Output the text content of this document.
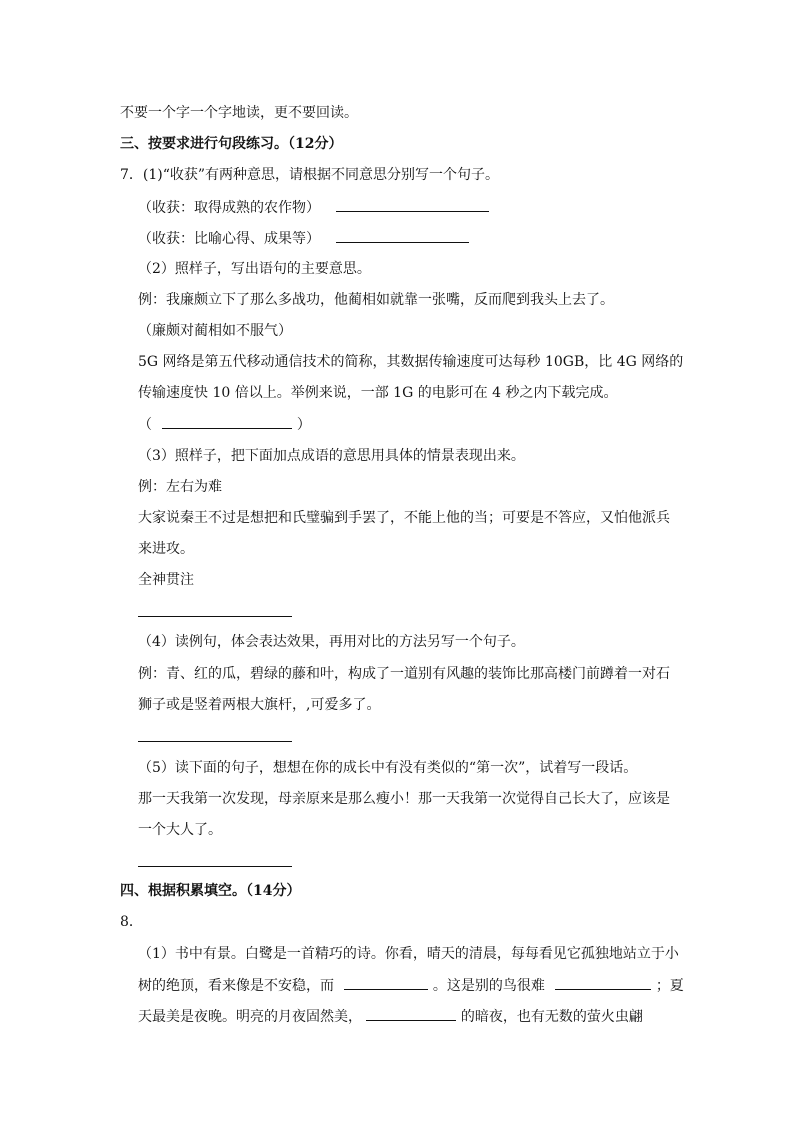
不要一个字一个字地读，更不要回读。
三、按要求进行句段练习。（12分）
7．(1)“收获”有两种意思，请根据不同意思分别写一个句子。
（收获：取得成熟的农作物）
（收获：比喻心得、成果等）
（2）照样子，写出语句的主要意思。
例：我廉颇立下了那么多战功，他蔺相如就靠一张嘴，反而爬到我头上去了。
（廉颇对蔺相如不服气）
5G 网络是第五代移动通信技术的简称，其数据传输速度可达每秒 10GB，比 4G 网络的
传输速度快 10 倍以上。举例来说，一部 1G 的电影可在 4 秒之内下载完成。
（	）
（3）照样子，把下面加点成语的意思用具体的情景表现出来。
例：左右为难
大家说秦王不过是想把和氏璧骗到手罢了，不能上他的当；可要是不答应，又怕他派兵
来进攻。
全神贯注
（4）读例句，体会表达效果，再用对比的方法另写一个句子。
例：青、红的瓜，碧绿的藤和叶，构成了一道别有风趣的装饰比那高楼门前蹲着一对石
狮子或是竖着两根大旗杆，,可爱多了。
（5）读下面的句子，想想在你的成长中有没有类似的“第一次”，试着写一段话。
那一天我第一次发现，母亲原来是那么瘦小！那一天我第一次觉得自己长大了，应该是
一个大人了。
四、根据积累填空。（14分）
8．
（1）书中有景。白鹭是一首精巧的诗。你看，晴天的清晨，每每看见它孤独地站立于小
树的绝顶，看来像是不安稳，而	。这是别的鸟很难	；夏
天最美是夜晚。明亮的月夜固然美，	的暗夜，也有无数的萤火虫翩
